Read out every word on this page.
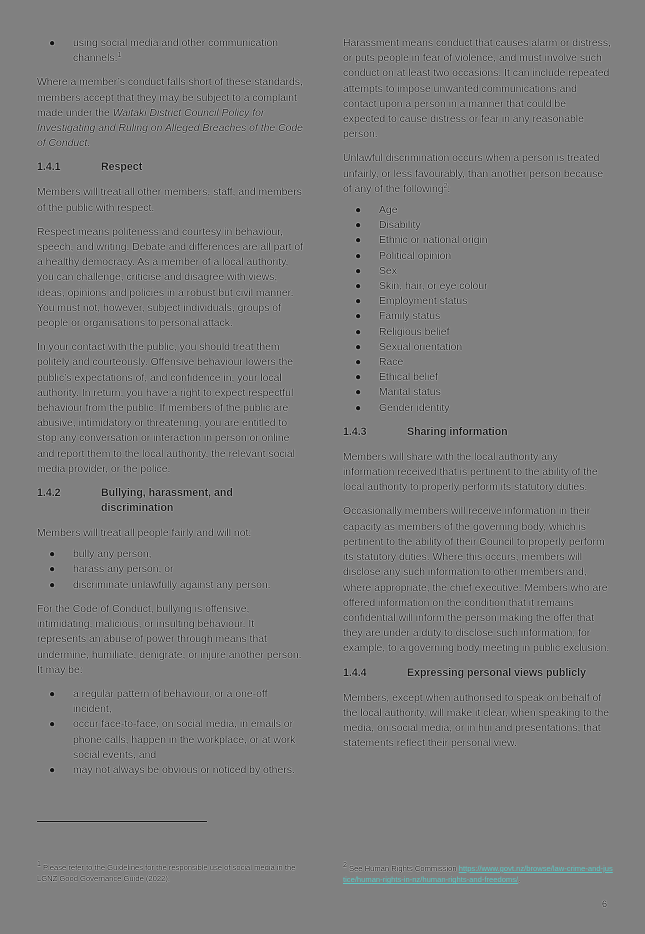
● using social media and other communication channels.$^1$

Where a member’s conduct falls short of these standards, members accept that they may be subject to a complaint made under the Waitaki District Council Policy for Investigating and Ruling on Alleged Breaches of the Code of Conduct.

1.4.1	Respect

Members will treat all other members, staff, and members of the public with respect.

Respect means politeness and courtesy in behaviour, speech, and writing. Debate and differences are all part of a healthy democracy. As a member of a local authority, you can challenge, criticise and disagree with views, ideas, opinions and policies in a robust but civil manner. You must not, however, subject individuals, groups of people or organisations to personal attack.

In your contact with the public, you should treat them politely and courteously. Offensive behaviour lowers the public’s expectations of, and confidence in, your local authority. In return, you have a right to expect respectful behaviour from the public. If members of the public are abusive, intimidatory or threatening, you are entitled to stop any conversation or interaction in person or online and report them to the local authority, the relevant social media provider, or the police.

1.4.2	Bullying, harassment, and discrimination

Members will treat all people fairly and will not:

● bully any person,
● harass any person, or
● discriminate unlawfully against any person.

For the Code of Conduct, bullying is offensive, intimidating, malicious, or insulting behaviour. It represents an abuse of power through means that undermine, humiliate, denigrate, or injure another person. It may be:

● a regular pattern of behaviour, or a one-off incident,
● occur face-to-face, on social media, in emails or phone calls, happen in the workplace, or at work social events, and
● may not always be obvious or noticed by others.

Harassment means conduct that causes alarm or distress, or puts people in fear of violence, and must involve such conduct on at least two occasions. It can include repeated attempts to impose unwanted communications and contact upon a person in a manner that could be expected to cause distress or fear in any reasonable person.

Unlawful discrimination occurs when a person is treated unfairly, or less favourably, than another person because of any of the following$^2$:

● Age
● Disability
● Ethnic or national origin
● Political opinion
● Sex
● Skin, hair, or eye colour
● Employment status
● Family status
● Religious belief
● Sexual orientation
● Race
● Ethical belief
● Marital status
● Gender identity
1.4.3	Sharing information

Members will share with the local authority any information received that is pertinent to the ability of the local authority to properly perform its statutory duties.

Occasionally members will receive information in their capacity as members of the governing body, which is pertinent to the ability of their Council to properly perform its statutory duties. Where this occurs, members will disclose any such information to other members and, where appropriate, the chief executive. Members who are offered information on the condition that it remains confidential will inform the person making the offer that they are under a duty to disclose such information, for example, to a governing body meeting in public exclusion.

1.4.4	Expressing personal views publicly

Members, except when authorised to speak on behalf of the local authority, will make it clear, when speaking to the media, on social media, or in hui and presentations, that statements reflect their personal view.

$^1$ Please refer to the Guidelines for the responsible use of social media in the LGNZ Good Governance Guide (2022).
$^2$ See Human Rights Commission https://www.govt.nz/browse/law-crime-and-justice/human-rights-in-nz/human-rights-and-freedoms/.
6
